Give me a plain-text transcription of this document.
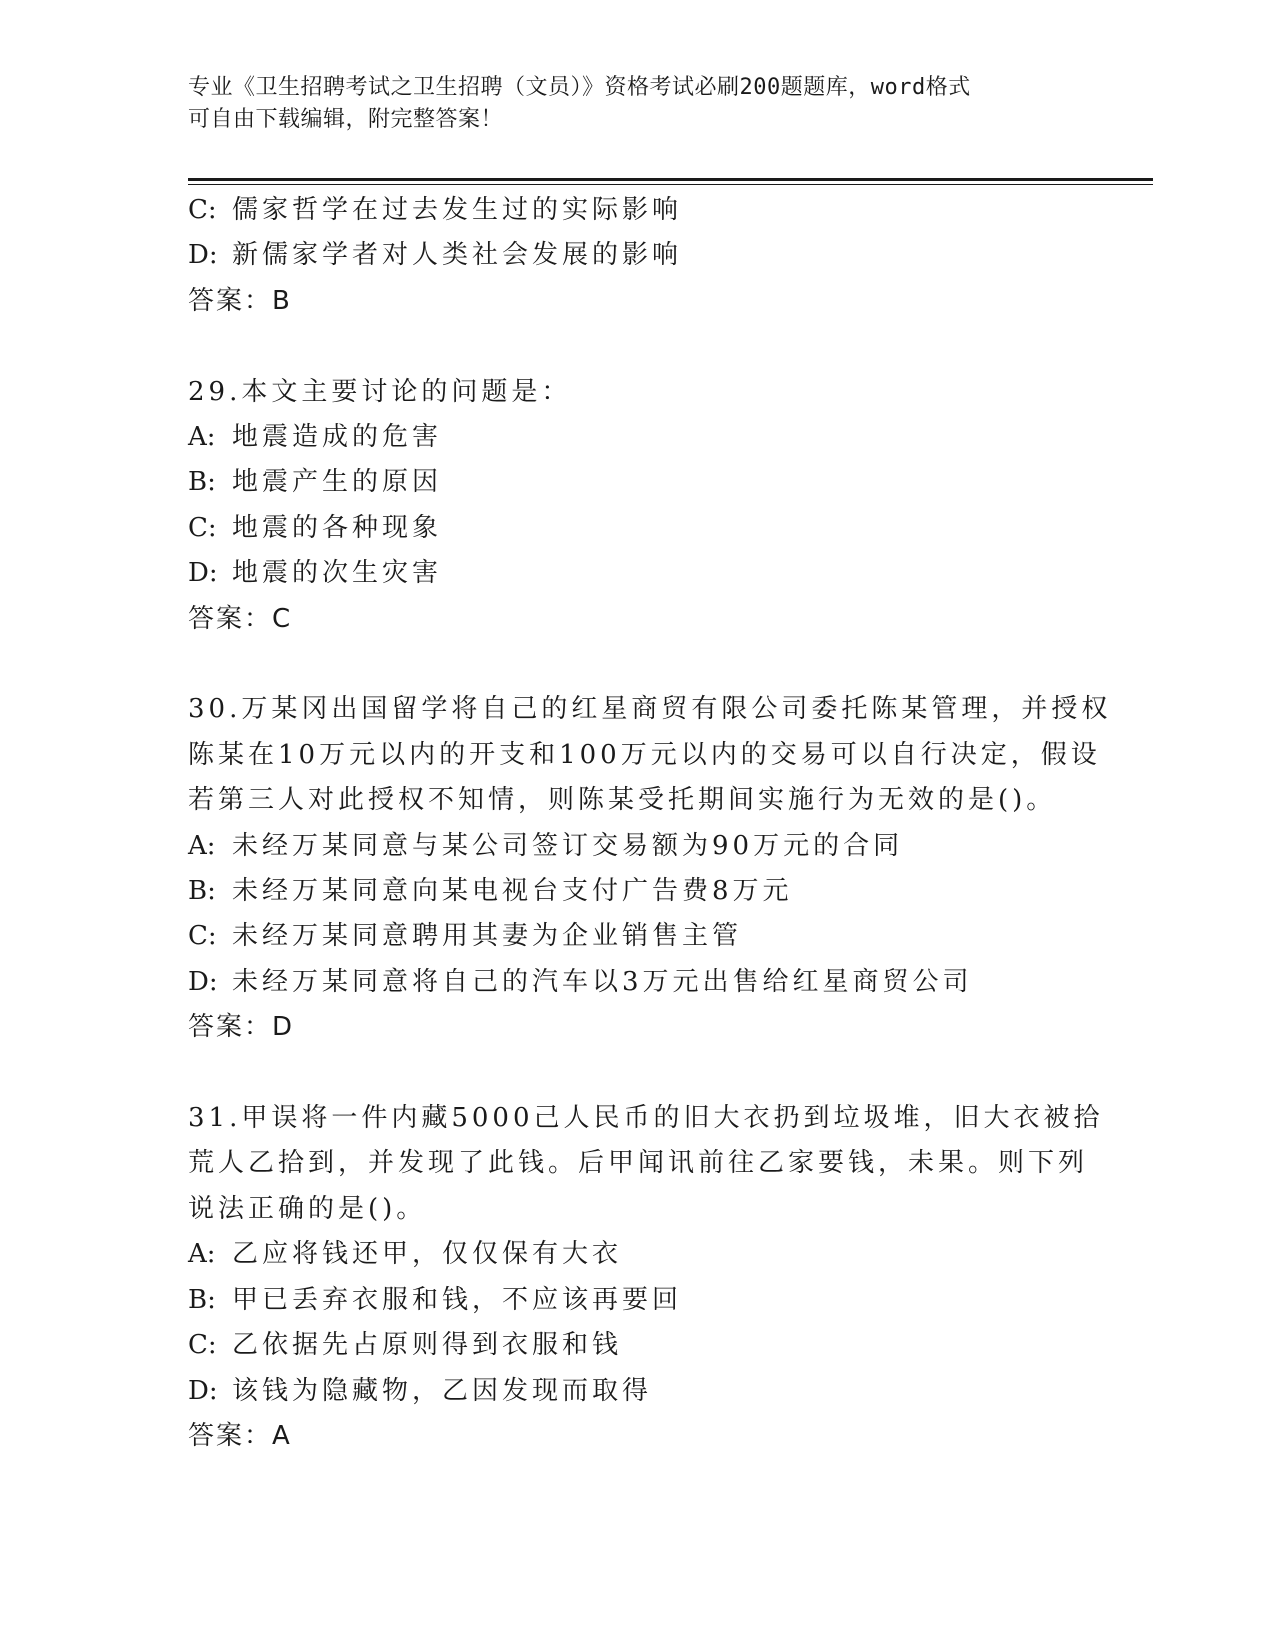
专业《卫生招聘考试之卫生招聘（文员）》资格考试必刷200题题库，word格式
可自由下载编辑，附完整答案！

C: 儒家哲学在过去发生过的实际影响

D: 新儒家学者对人类社会发展的影响

答案：B

29.本文主要讨论的问题是：

A: 地震造成的危害

B: 地震产生的原因

C: 地震的各种现象

D: 地震的次生灾害

答案：C

30.万某冈出国留学将自己的红星商贸有限公司委托陈某管理，并授权

陈某在10万元以内的开支和100万元以内的交易可以自行决定，假设

若第三人对此授权不知情，则陈某受托期间实施行为无效的是()。

A: 未经万某同意与某公司签订交易额为90万元的合同

B: 未经万某同意向某电视台支付广告费8万元

C: 未经万某同意聘用其妻为企业销售主管

D: 未经万某同意将自己的汽车以3万元出售给红星商贸公司

答案：D

31.甲误将一件内藏5000己人民币的旧大衣扔到垃圾堆，旧大衣被拾

荒人乙拾到，并发现了此钱。后甲闻讯前往乙家要钱，未果。则下列

说法正确的是()。

A: 乙应将钱还甲，仅仅保有大衣

B: 甲已丢弃衣服和钱，不应该再要回

C: 乙依据先占原则得到衣服和钱

D: 该钱为隐藏物，乙因发现而取得

答案：A
